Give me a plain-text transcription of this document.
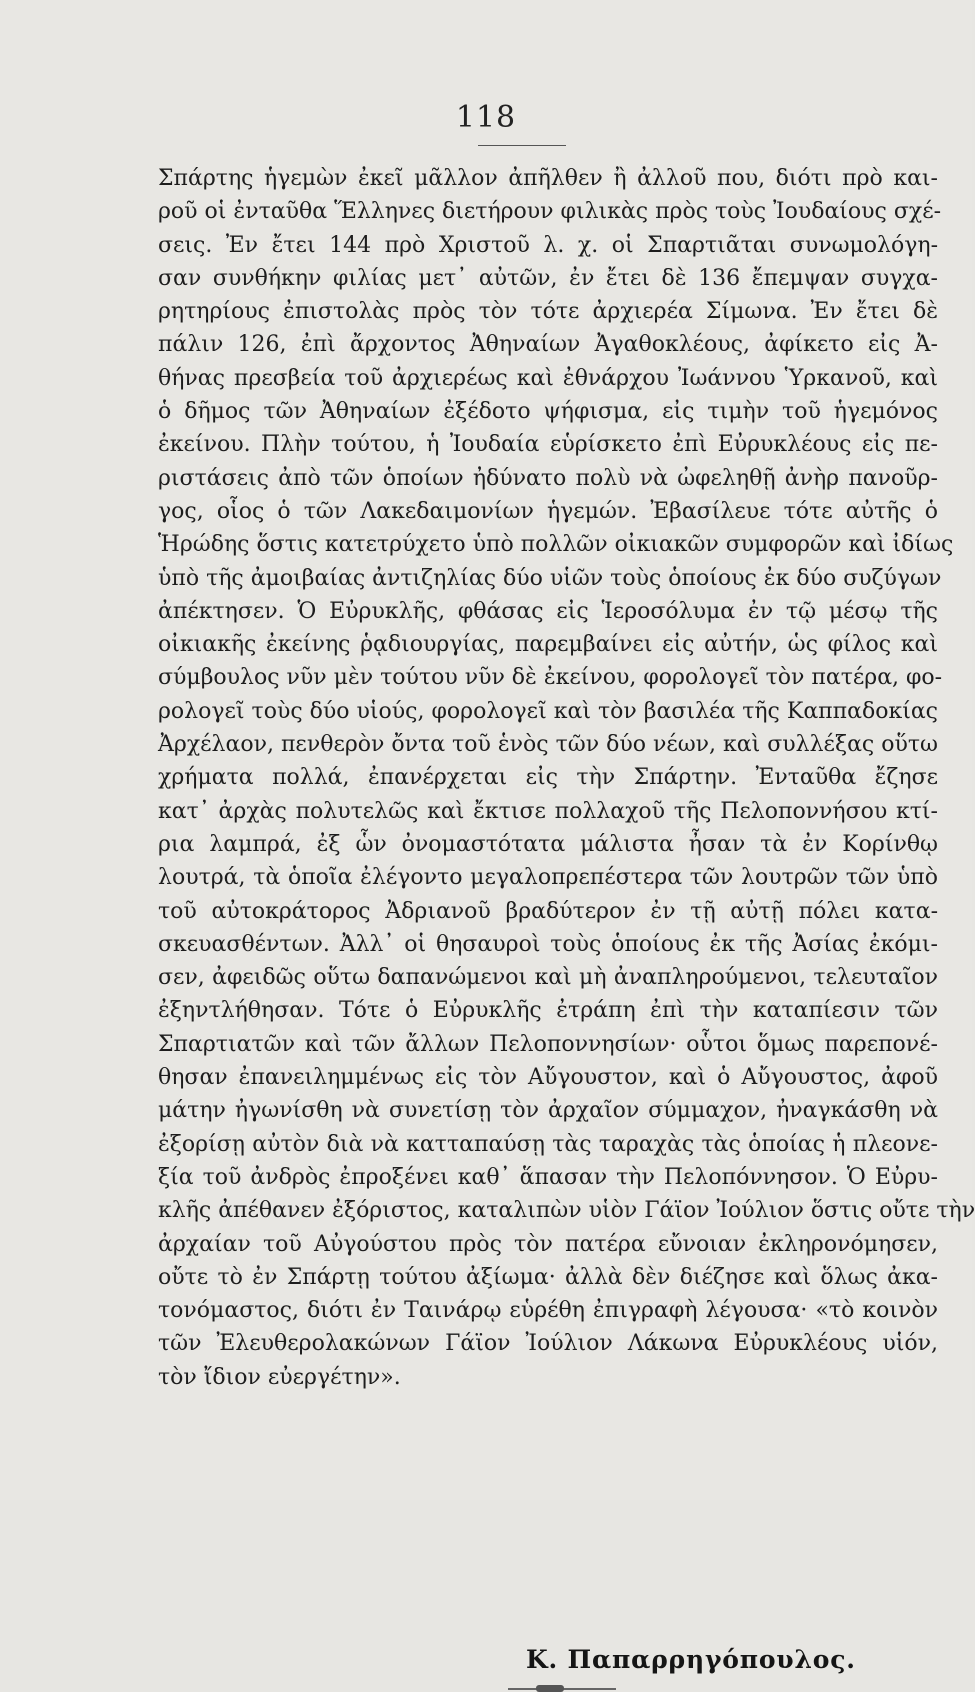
118
Σπάρτης ἡγεμὼν ἐκεῖ μᾶλλον ἀπῆλθεν ἢ ἀλλοῦ που, διότι πρὸ και-
ροῦ οἱ ἐνταῦθα Ἕλληνες διετήρουν φιλικὰς πρὸς τοὺς Ἰουδαίους σχέ-
σεις. Ἐν ἔτει 144 πρὸ Χριστοῦ λ. χ. οἱ Σπαρτιᾶται συνωμολόγη-
σαν συνθήκην φιλίας μετ᾿ αὐτῶν, ἐν ἔτει δὲ 136 ἔπεμψαν συγχα-
ρητηρίους ἐπιστολὰς πρὸς τὸν τότε ἀρχιερέα Σίμωνα. Ἐν ἔτει δὲ
πάλιν 126, ἐπὶ ἄρχοντος Ἀθηναίων Ἀγαθοκλέους, ἀφίκετο εἰς Ἀ-
θήνας πρεσβεία τοῦ ἀρχιερέως καὶ ἐθνάρχου Ἰωάννου Ὑρκανοῦ, καὶ
ὁ δῆμος τῶν Ἀθηναίων ἐξέδοτο ψήφισμα, εἰς τιμὴν τοῦ ἡγεμόνος
ἐκείνου. Πλὴν τούτου, ἡ Ἰουδαία εὑρίσκετο ἐπὶ Εὐρυκλέους εἰς πε-
ριστάσεις ἀπὸ τῶν ὁποίων ἠδύνατο πολὺ νὰ ὠφεληθῇ ἀνὴρ πανοῦρ-
γος, οἷος ὁ τῶν Λακεδαιμονίων ἡγεμών. Ἐβασίλευε τότε αὐτῆς ὁ
Ἡρώδης ὅστις κατετρύχετο ὑπὸ πολλῶν οἰκιακῶν συμφορῶν καὶ ἰδίως
ὑπὸ τῆς ἀμοιβαίας ἀντιζηλίας δύο υἱῶν τοὺς ὁποίους ἐκ δύο συζύγων
ἀπέκτησεν. Ὁ Εὐρυκλῆς, φθάσας εἰς Ἱεροσόλυμα ἐν τῷ μέσῳ τῆς
οἰκιακῆς ἐκείνης ῥᾳδιουργίας, παρεμβαίνει εἰς αὐτήν, ὡς φίλος καὶ
σύμβουλος νῦν μὲν τούτου νῦν δὲ ἐκείνου, φορολογεῖ τὸν πατέρα, φο-
ρολογεῖ τοὺς δύο υἱούς, φορολογεῖ καὶ τὸν βασιλέα τῆς Καππαδοκίας
Ἀρχέλαον, πενθερὸν ὄντα τοῦ ἑνὸς τῶν δύο νέων, καὶ συλλέξας οὕτω
χρήματα πολλά, ἐπανέρχεται εἰς τὴν Σπάρτην. Ἐνταῦθα ἔζησε
κατ᾿ ἀρχὰς πολυτελῶς καὶ ἔκτισε πολλαχοῦ τῆς Πελοποννήσου κτί-
ρια λαμπρά, ἐξ ὧν ὀνομαστότατα μάλιστα ἦσαν τὰ ἐν Κορίνθῳ
λουτρά, τὰ ὁποῖα ἐλέγοντο μεγαλοπρεπέστερα τῶν λουτρῶν τῶν ὑπὸ
τοῦ αὐτοκράτορος Ἀδριανοῦ βραδύτερον ἐν τῇ αὐτῇ πόλει κατα-
σκευασθέντων. Ἀλλ᾿ οἱ θησαυροὶ τοὺς ὁποίους ἐκ τῆς Ἀσίας ἐκόμι-
σεν, ἀφειδῶς οὕτω δαπανώμενοι καὶ μὴ ἀναπληρούμενοι, τελευταῖον
ἐξηντλήθησαν. Τότε ὁ Εὐρυκλῆς ἐτράπη ἐπὶ τὴν καταπίεσιν τῶν
Σπαρτιατῶν καὶ τῶν ἄλλων Πελοποννησίων· οὗτοι ὅμως παρεπονέ-
θησαν ἐπανειλημμένως εἰς τὸν Αὔγουστον, καὶ ὁ Αὔγουστος, ἀφοῦ
μάτην ἠγωνίσθη νὰ συνετίσῃ τὸν ἀρχαῖον σύμμαχον, ἠναγκάσθη νὰ
ἐξορίσῃ αὐτὸν διὰ νὰ κατταπαύσῃ τὰς ταραχὰς τὰς ὁποίας ἡ πλεονε-
ξία τοῦ ἀνδρὸς ἐπροξένει καθ᾿ ἅπασαν τὴν Πελοπόννησον. Ὁ Εὐρυ-
κλῆς ἀπέθανεν ἐξόριστος, καταλιπὼν υἱὸν Γάϊον Ἰούλιον ὅστις οὔτε τὴν
ἀρχαίαν τοῦ Αὐγούστου πρὸς τὸν πατέρα εὔνοιαν ἐκληρονόμησεν,
οὔτε τὸ ἐν Σπάρτῃ τούτου ἀξίωμα· ἀλλὰ δὲν διέζησε καὶ ὅλως ἀκα-
τονόμαστος, διότι ἐν Ταινάρῳ εὑρέθη ἐπιγραφὴ λέγουσα· «τὸ κοινὸν
τῶν Ἐλευθερολακώνων Γάϊον Ἰούλιον Λάκωνα Εὐρυκλέους υἱόν,
τὸν ἴδιον εὐεργέτην».
Κ. Παπαρρηγόπουλος.
